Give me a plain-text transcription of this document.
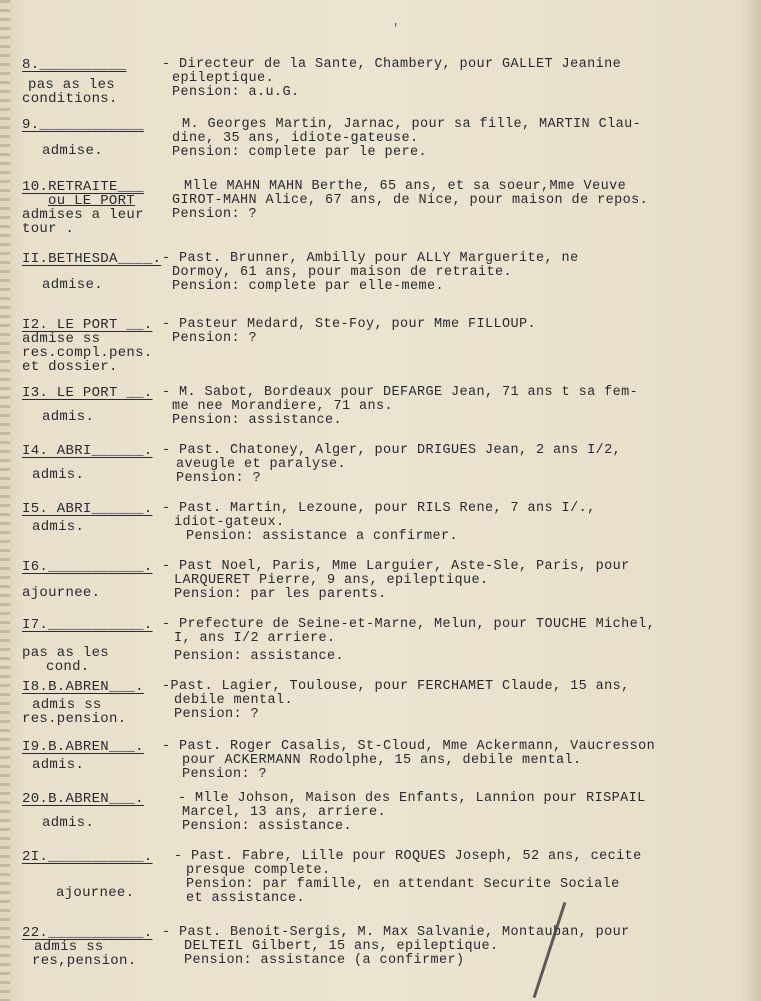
'
8.__________
pas as les
conditions.
- Directeur de la Sante, Chambery, pour GALLET Jeanine
epileptique.
Pension: a.u.G.
9.____________
admise.
M. Georges Martin, Jarnac, pour sa fille, MARTIN Clau-
dine, 35 ans, idiote-gateuse.
Pension: complete par le pere.
10.RETRAITE___
ou LE PORT
admises a leur
tour .
Mlle MAHN MAHN Berthe, 65 ans, et sa soeur,Mme Veuve
GIROT-MAHN Alice, 67 ans, de Nice, pour maison de repos.
Pension: ?
II.BETHESDA____.
admise.
- Past. Brunner, Ambilly pour ALLY Marguerite, ne
Dormoy, 61 ans, pour maison de retraite.
Pension: complete par elle-meme.
I2. LE PORT __.
admise ss
res.compl.pens.
et dossier.
- Pasteur Medard, Ste-Foy, pour Mme FILLOUP.
Pension: ?
I3. LE PORT __.
admis.
- M. Sabot, Bordeaux pour DEFARGE Jean, 71 ans t sa fem-
me nee Morandiere, 71 ans.
Pension: assistance.
I4. ABRI______.
admis.
- Past. Chatoney, Alger, pour DRIGUES Jean, 2 ans I/2,
aveugle et paralyse.
Pension: ?
I5. ABRI______.
admis.
- Past. Martin, Lezoune, pour RILS Rene, 7 ans I/.,
idiot-gateux.
Pension: assistance a confirmer.
I6.___________.
ajournee.
- Past Noel, Paris, Mme Larguier, Aste-Sle, Paris, pour
LARQUERET Pierre, 9 ans, epileptique.
Pension: par les parents.
I7.___________.
pas as les
cond.
- Prefecture de Seine-et-Marne, Melun, pour TOUCHE Michel,
I, ans I/2 arriere.
Pension: assistance.
I8.B.ABREN___.
admis ss
res.pension.
-Past. Lagier, Toulouse, pour FERCHAMET Claude, 15 ans,
debile mental.
Pension: ?
I9.B.ABREN___.
admis.
- Past. Roger Casalis, St-Cloud, Mme Ackermann, Vaucresson
pour ACKERMANN Rodolphe, 15 ans, debile mental.
Pension: ?
20.B.ABREN___.
admis.
- Mlle Johson, Maison des Enfants, Lannion pour RISPAIL
Marcel, 13 ans, arriere.
Pension: assistance.
2I.___________.
ajournee.
- Past. Fabre, Lille pour ROQUES Joseph, 52 ans, cecite
presque complete.
Pension: par famille, en attendant Securite Sociale
et assistance.
22.___________.
admis ss
res,pension.
- Past. Benoit-Sergis, M. Max Salvanie, Montauban, pour
DELTEIL Gilbert, 15 ans, epileptique.
Pension: assistance (a confirmer)
